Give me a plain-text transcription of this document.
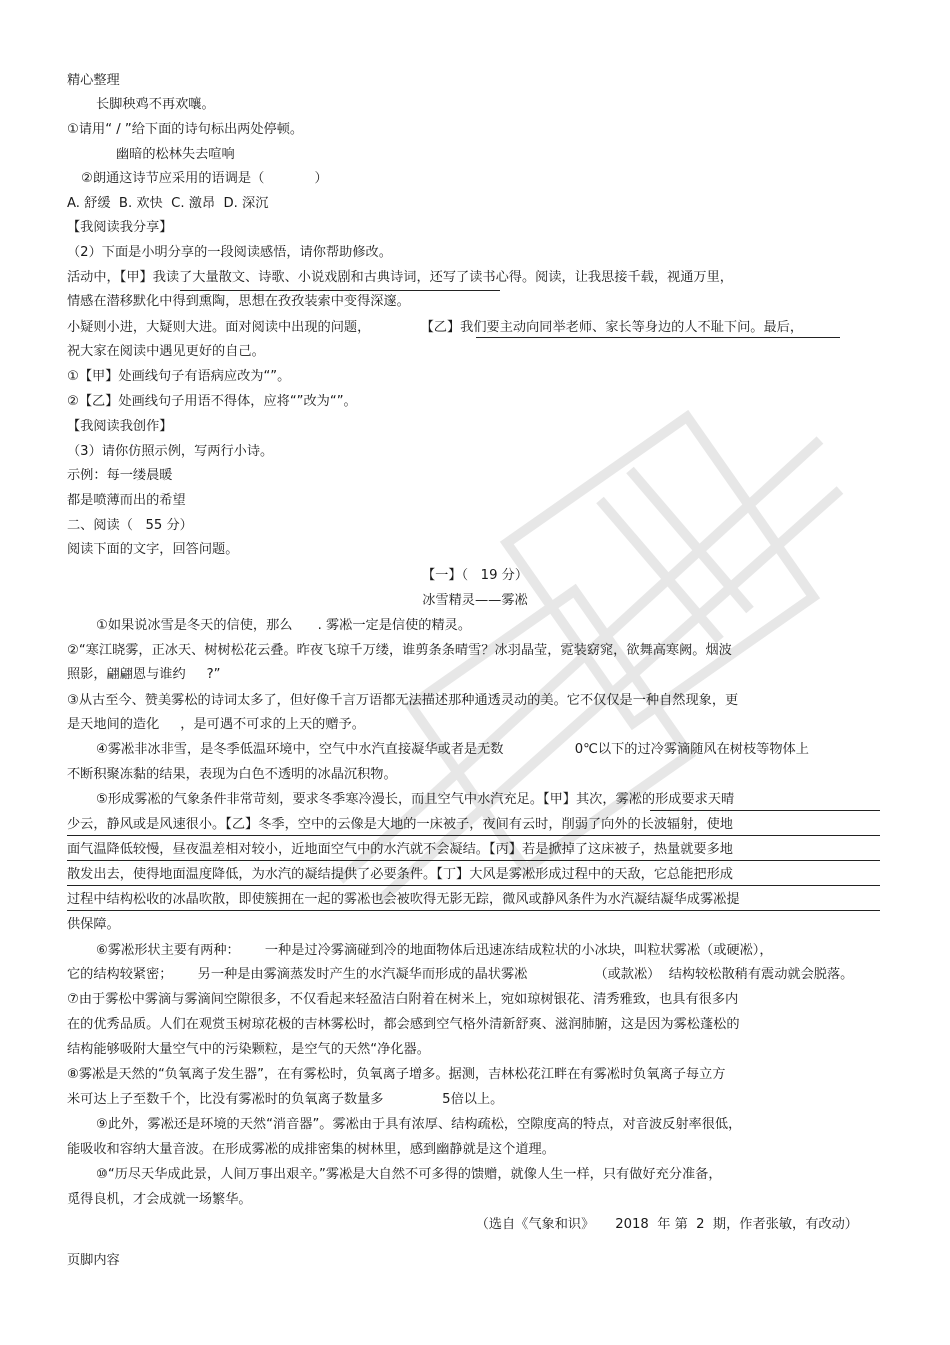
精心整理
长脚秧鸡不再欢嚷。
①请用“ / ”给下面的诗句标出两处停顿。
幽暗的松林失去喧响
②朗通这诗节应采用的语调是（            ）
A. 舒缓  B. 欢快  C. 激昂  D. 深沉
【我阅读我分享】
（2）下面是小明分享的一段阅读感悟，请你帮助修改。
活动中，【甲】我读了大量散文、诗歌、小说戏剧和古典诗词，还写了读书心得。阅读，让我思接千载，视通万里，
情感在潜移默化中得到熏陶，思想在孜孜装索中变得深邃。
小疑则小进，大疑则大进。面对阅读中出现的问题，            【乙】我们要主动向同举老师、家长等身边的人不耻下问。最后，
祝大家在阅读中遇见更好的自己。
①【甲】处画线句子有语病应改为“”。
②【乙】处画线句子用语不得体，应将“”改为“”。
【我阅读我创作】
（3）请你仿照示例，写两行小诗。
示例：每一缕晨暖
都是喷薄而出的希望
二、阅读（   55 分）
阅读下面的文字，回答问题。
【一】（   19 分）
冰雪精灵——雾凇
①如果说冰雪是冬天的信使，那么      . 雾凇一定是信使的精灵。
②“寒江晓雾，正冰天、树树松花云叠。昨夜飞琼千万缕，谁剪条条晴雪？冰羽晶莹，霓装窈窕，欲舞高寒阙。烟波
照影，翩翩恩与谁约     ?”
③从古至今、赞美雾松的诗词太多了，但好像千言万语都无法描述那种通透灵动的美。它不仅仅是一种自然现象，更
是天地间的造化     ，是可遇不可求的上天的赠予。
④雾凇非冰非雪，是冬季低温环境中，空气中水汽直接凝华或者是无数                 0℃以下的过冷雾滴随风在树枝等物体上
不断积聚冻黏的结果，表现为白色不透明的冰晶沉积物。
⑤形成雾凇的气象条件非常苛刻，要求冬季寒冷漫长，而且空气中水汽充足。【甲】其次，雾凇的形成要求天晴
少云，静风或是风速很小。【乙】冬季，空中的云像是大地的一床被子，夜间有云时，削弱了向外的长波辐射，使地
面气温降低较慢，昼夜温差相对较小，近地面空气中的水汽就不会凝结。【丙】若是掀掉了这床被子，热量就要多地
散发出去，使得地面温度降低，为水汽的凝结提供了必要条件。【丁】大风是雾凇形成过程中的天敌，它总能把形成
过程中结构松收的冰晶吹散，即使簇拥在一起的雾凇也会被吹得无影无踪，微风或静风条件为水汽凝结凝华成雾凇提
供保障。
⑥雾凇形状主要有两种：      一种是过冷雾滴碰到冷的地面物体后迅速冻结成粒状的小冰块，叫粒状雾凇（或硬凇），
它的结构较紧密；      另一种是由雾滴蒸发时产生的水汽凝华而形成的晶状雾凇                （或款凇）  结构较松散稍有震动就会脱落。
⑦由于雾松中雾滴与雾滴间空隙很多，不仅看起来轻盈洁白附着在树米上，宛如琼树银花、清秀雅致，也具有很多内
在的优秀品质。人们在观赏玉树琼花极的吉林雾松时，都会感到空气格外清新舒爽、滋润肺腑，这是因为雾松蓬松的
结构能够吸附大量空气中的污染颗粒，是空气的天然“净化器。
⑧雾凇是天然的“负氧离子发生器”，在有雾松时，负氧离子增多。据测，吉林松花江畔在有雾凇时负氧离子每立方
米可达上子至数千个，比没有雾凇时的负氧离子数量多              5倍以上。
⑨此外，雾凇还是环境的天然“消音器”。雾凇由于具有浓厚、结构疏松，空隙度高的特点，对音波反射率很低，
能吸收和容纳大量音波。在形成雾凇的成排密集的树林里，感到幽静就是这个道理。
⑩“历尽天华成此景，人间万事出艰辛。”雾凇是大自然不可多得的馈赠，就像人生一样，只有做好充分准备，
觅得良机，才会成就一场繁华。
（选自《气象和识》     2018  年 第  2  期，作者张敏，有改动）
页脚内容
